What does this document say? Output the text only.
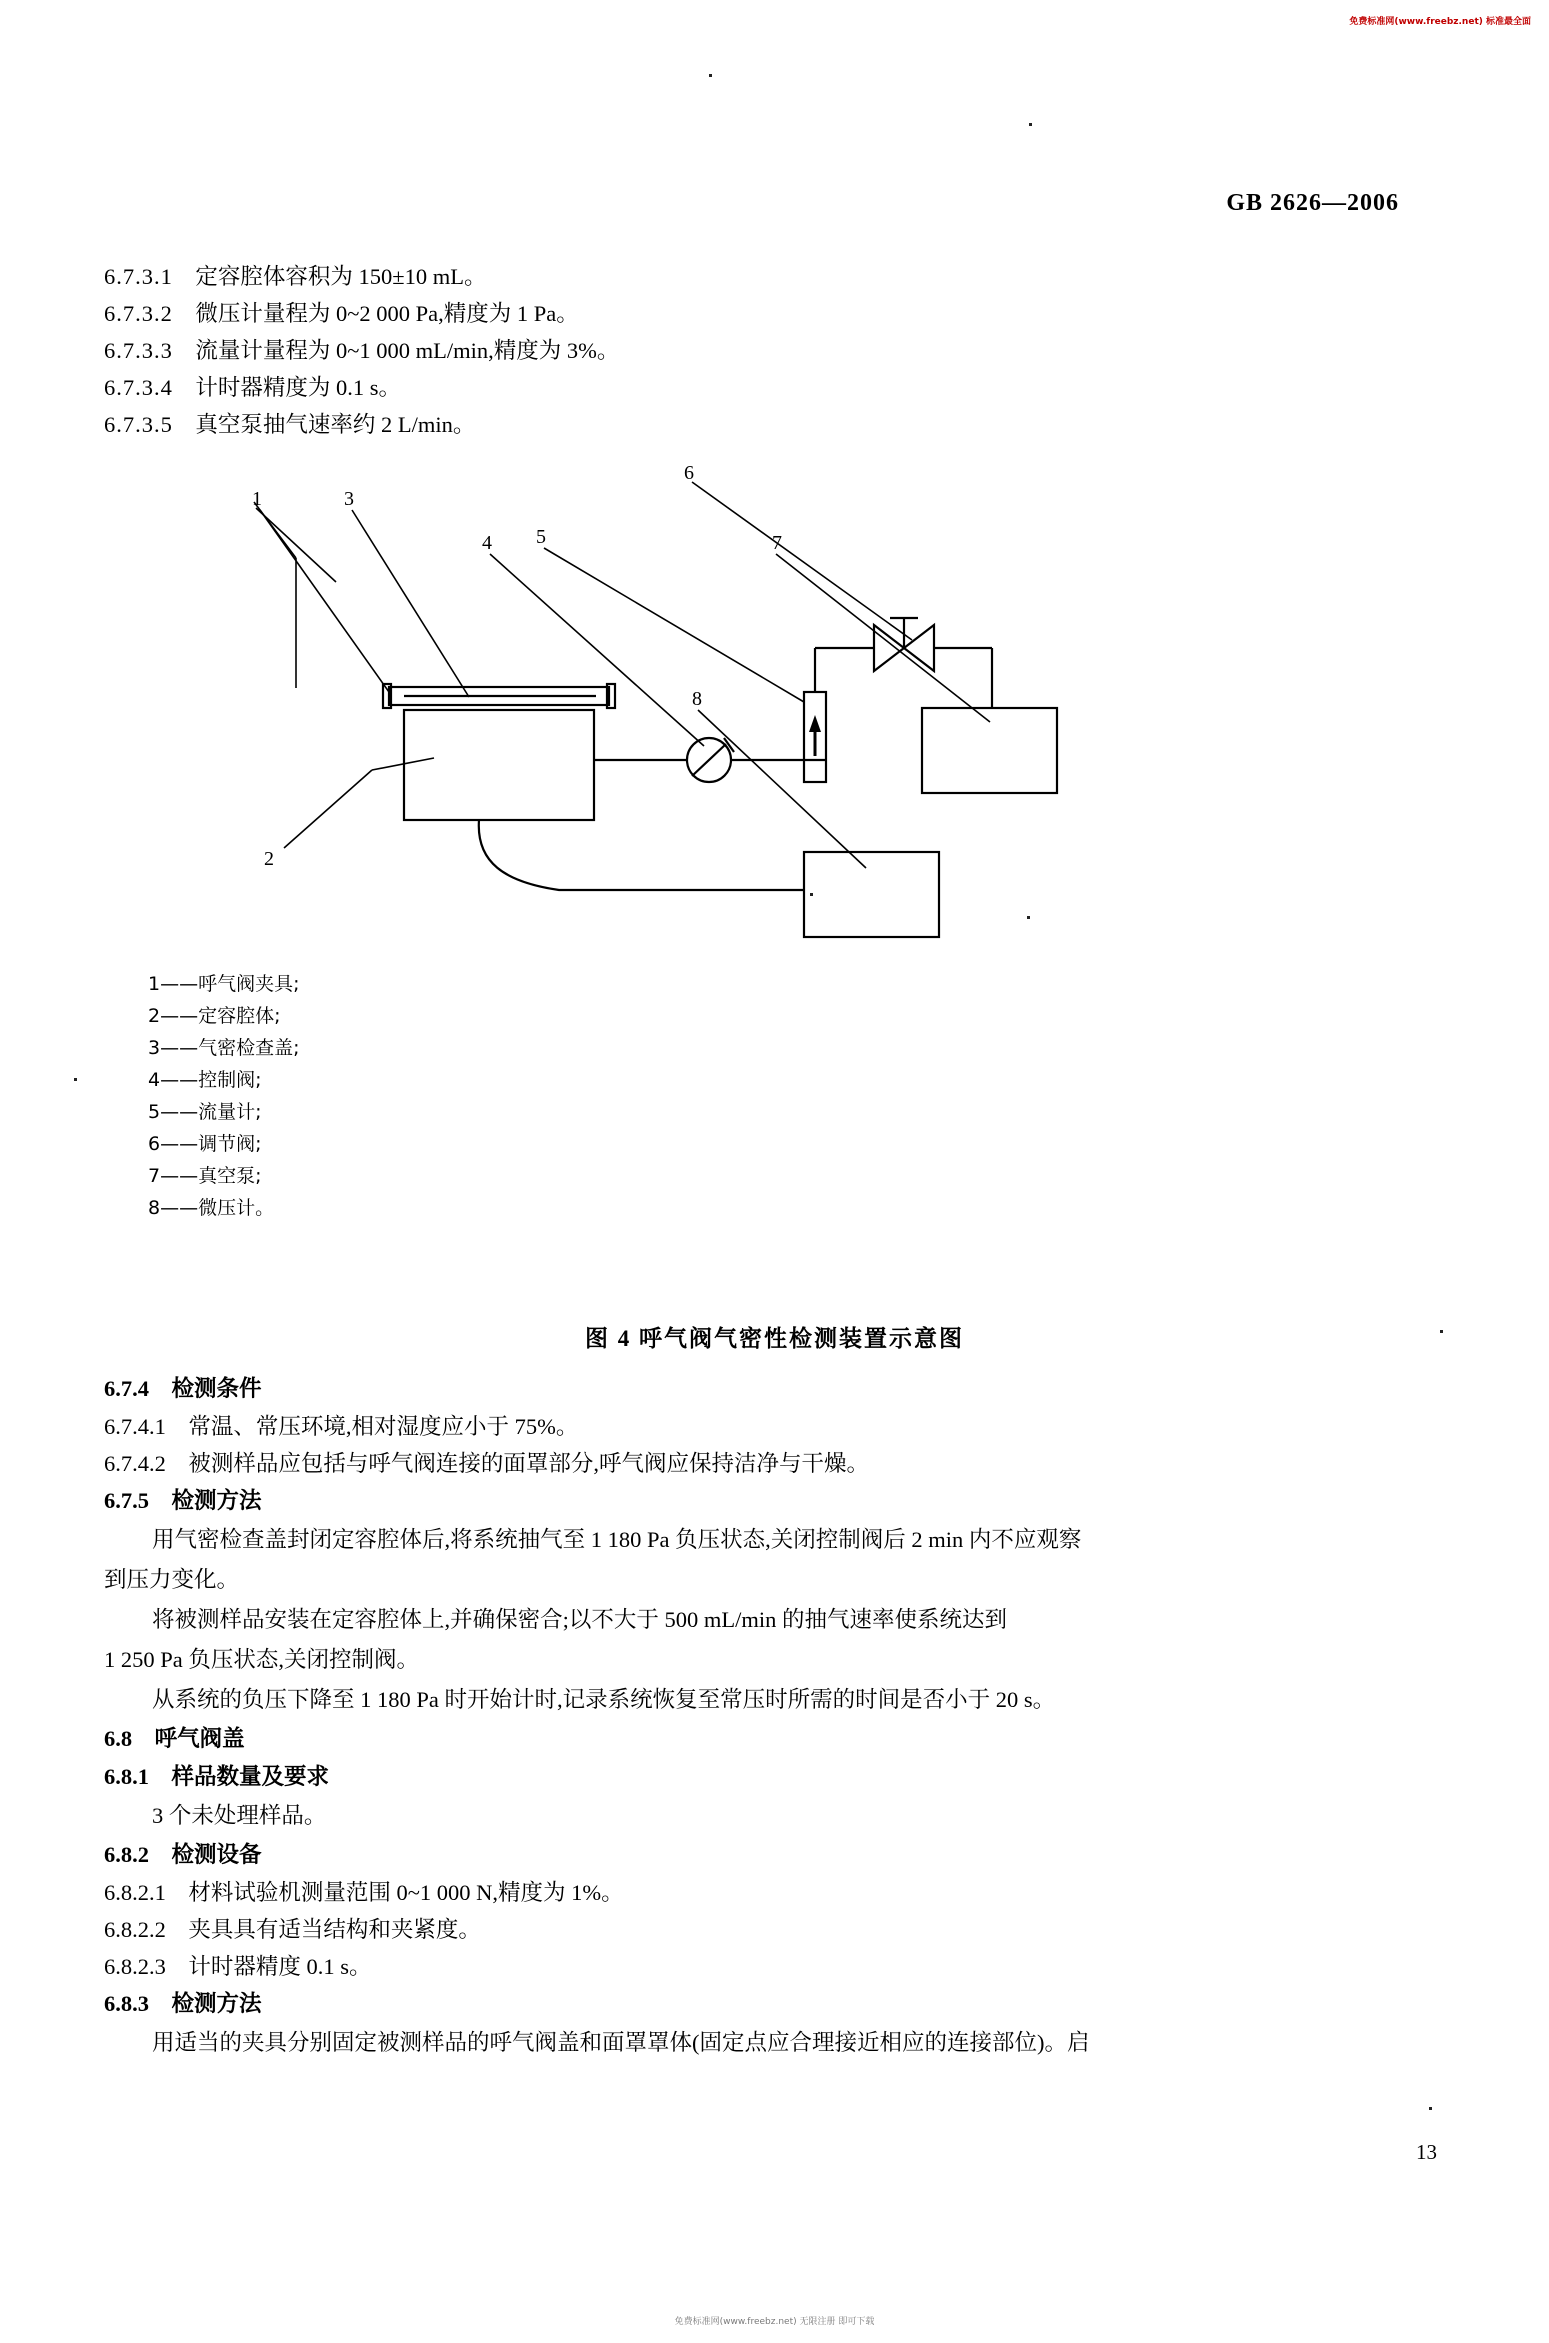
免费标准网(www.freebz.net) 标准最全面
GB 2626—2006
6.7.3.1 定容腔体容积为 150±10 mL。
6.7.3.2 微压计量程为 0~2 000 Pa,精度为 1 Pa。
6.7.3.3 流量计量程为 0~1 000 mL/min,精度为 3%。
6.7.3.4 计时器精度为 0.1 s。
6.7.3.5 真空泵抽气速率约 2 L/min。
1	3
2
4 5
6
7
8
1——呼气阀夹具;
2——定容腔体;
3——气密检查盖;
4——控制阀;
5——流量计;
6——调节阀;
7——真空泵;
8——微压计。
图 4 呼气阀气密性检测装置示意图
6.7.4 检测条件
6.7.4.1 常温、常压环境,相对湿度应小于 75%。
6.7.4.2 被测样品应包括与呼气阀连接的面罩部分,呼气阀应保持洁净与干燥。
6.7.5 检测方法
用气密检查盖封闭定容腔体后,将系统抽气至 1 180 Pa 负压状态,关闭控制阀后 2 min 内不应观察
到压力变化。
将被测样品安装在定容腔体上,并确保密合;以不大于 500 mL/min 的抽气速率使系统达到
1 250 Pa 负压状态,关闭控制阀。
从系统的负压下降至 1 180 Pa 时开始计时,记录系统恢复至常压时所需的时间是否小于 20 s。
6.8 呼气阀盖
6.8.1 样品数量及要求
3 个未处理样品。
6.8.2 检测设备
6.8.2.1 材料试验机测量范围 0~1 000 N,精度为 1%。
6.8.2.2 夹具具有适当结构和夹紧度。
6.8.2.3 计时器精度 0.1 s。
6.8.3 检测方法
用适当的夹具分别固定被测样品的呼气阀盖和面罩罩体(固定点应合理接近相应的连接部位)。启
13
免费标准网(www.freebz.net) 无限注册 即可下载
